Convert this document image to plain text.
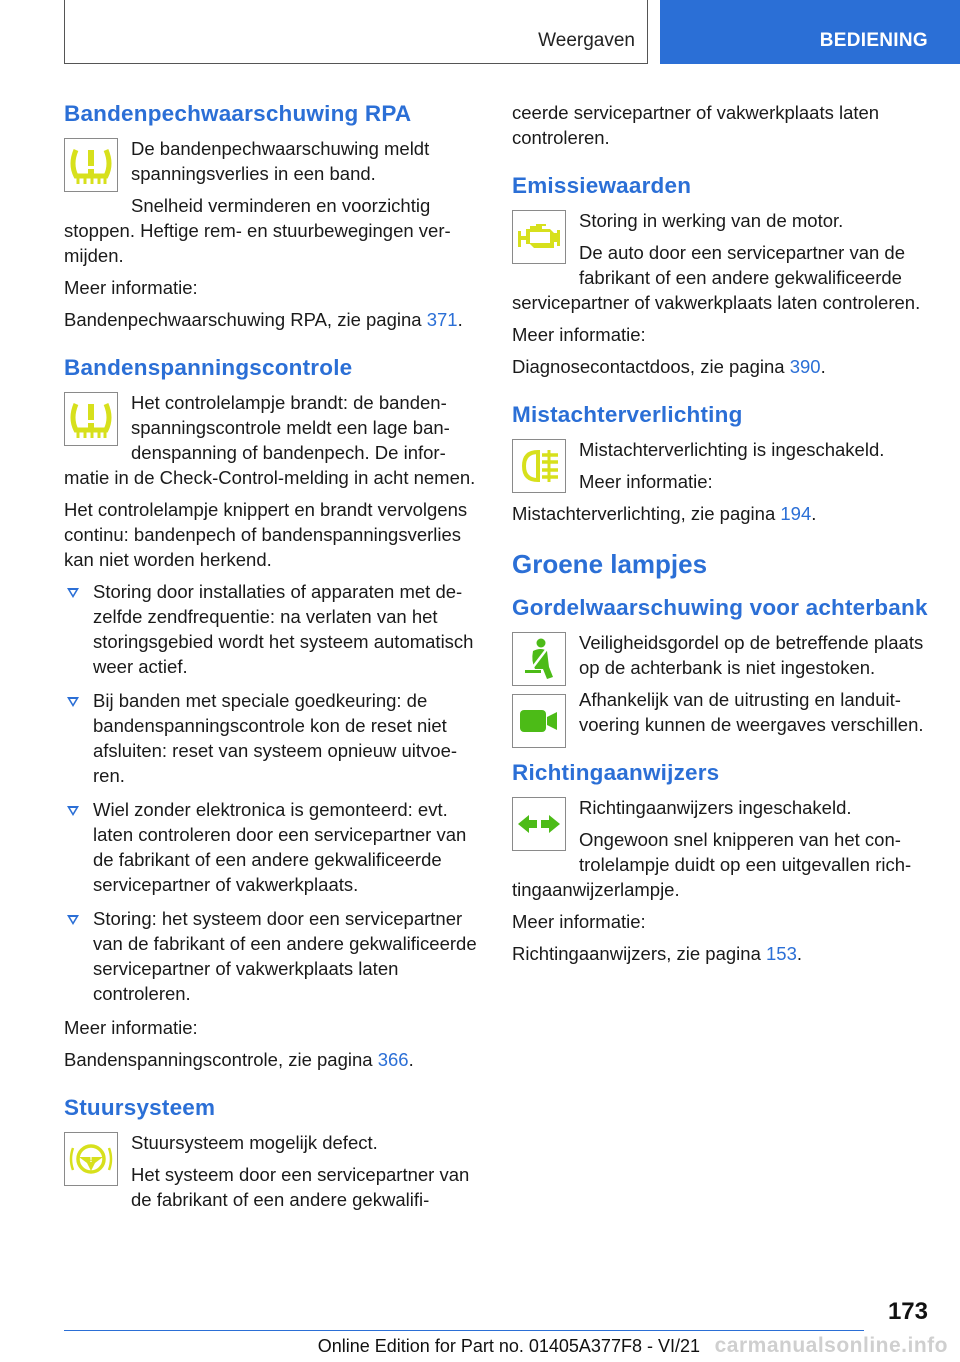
Weergaven	BEDIENING
Bandenpechwaarschuwing RPA

De bandenpechwaarschuwing meldt spanningsverlies in een band.

Snelheid verminderen en voorzichtig stoppen. Heftige rem- en stuurbewegingen vermijden.

Meer informatie:

Bandenpechwaarschuwing RPA, zie pagina 371.

Bandenspanningscontrole

Het controlelampje brandt: de bandenspanningscontrole meldt een lage bandenspanning of bandenpech. De informatie in de Check-Control-melding in acht nemen.

Het controlelampje knippert en brandt vervolgens continu: bandenpech of bandenspanningsverlies kan niet worden herkend.

Storing door installaties of apparaten met dezelfde zendfrequentie: na verlaten van het storingsgebied wordt het systeem automatisch weer actief.
Bij banden met speciale goedkeuring: de bandenspanningscontrole kon de reset niet afsluiten: reset van systeem opnieuw uitvoeren.
Wiel zonder elektronica is gemonteerd: evt. laten controleren door een servicepartner van de fabrikant of een andere gekwalificeerde servicepartner of vakwerkplaats.
Storing: het systeem door een servicepartner van de fabrikant of een andere gekwalificeerde servicepartner of vakwerkplaats laten controleren.

Meer informatie:

Bandenspanningscontrole, zie pagina 366.

Stuursysteem
!

Stuursysteem mogelijk defect.

Het systeem door een servicepartner van de fabrikant of een andere gekwalifi-

ceerde servicepartner of vakwerkplaats laten controleren.

Emissiewaarden

Storing in werking van de motor.

De auto door een servicepartner van de fabrikant of een andere gekwalificeerde servicepartner of vakwerkplaats laten controleren.

Meer informatie:

Diagnosecontactdoos, zie pagina 390.

Mistachterverlichting

Mistachterverlichting is ingeschakeld.

Meer informatie:

Mistachterverlichting, zie pagina 194.

Groene lampjes
Gordelwaarschuwing voor achterbank

Veiligheidsgordel op de betreffende plaats op de achterbank is niet ingestoken.

Afhankelijk van de uitrusting en landuitvoering kunnen de weergaves verschillen.

Richtingaanwijzers

Richtingaanwijzers ingeschakeld.

Ongewoon snel knipperen van het controlelampje duidt op een uitgevallen richtingaanwijzerlampje.

Meer informatie:

Richtingaanwijzers, zie pagina 153.

173
Online Edition for Part no. 01405A377F8 - VI/21 carmanualsonline.info
